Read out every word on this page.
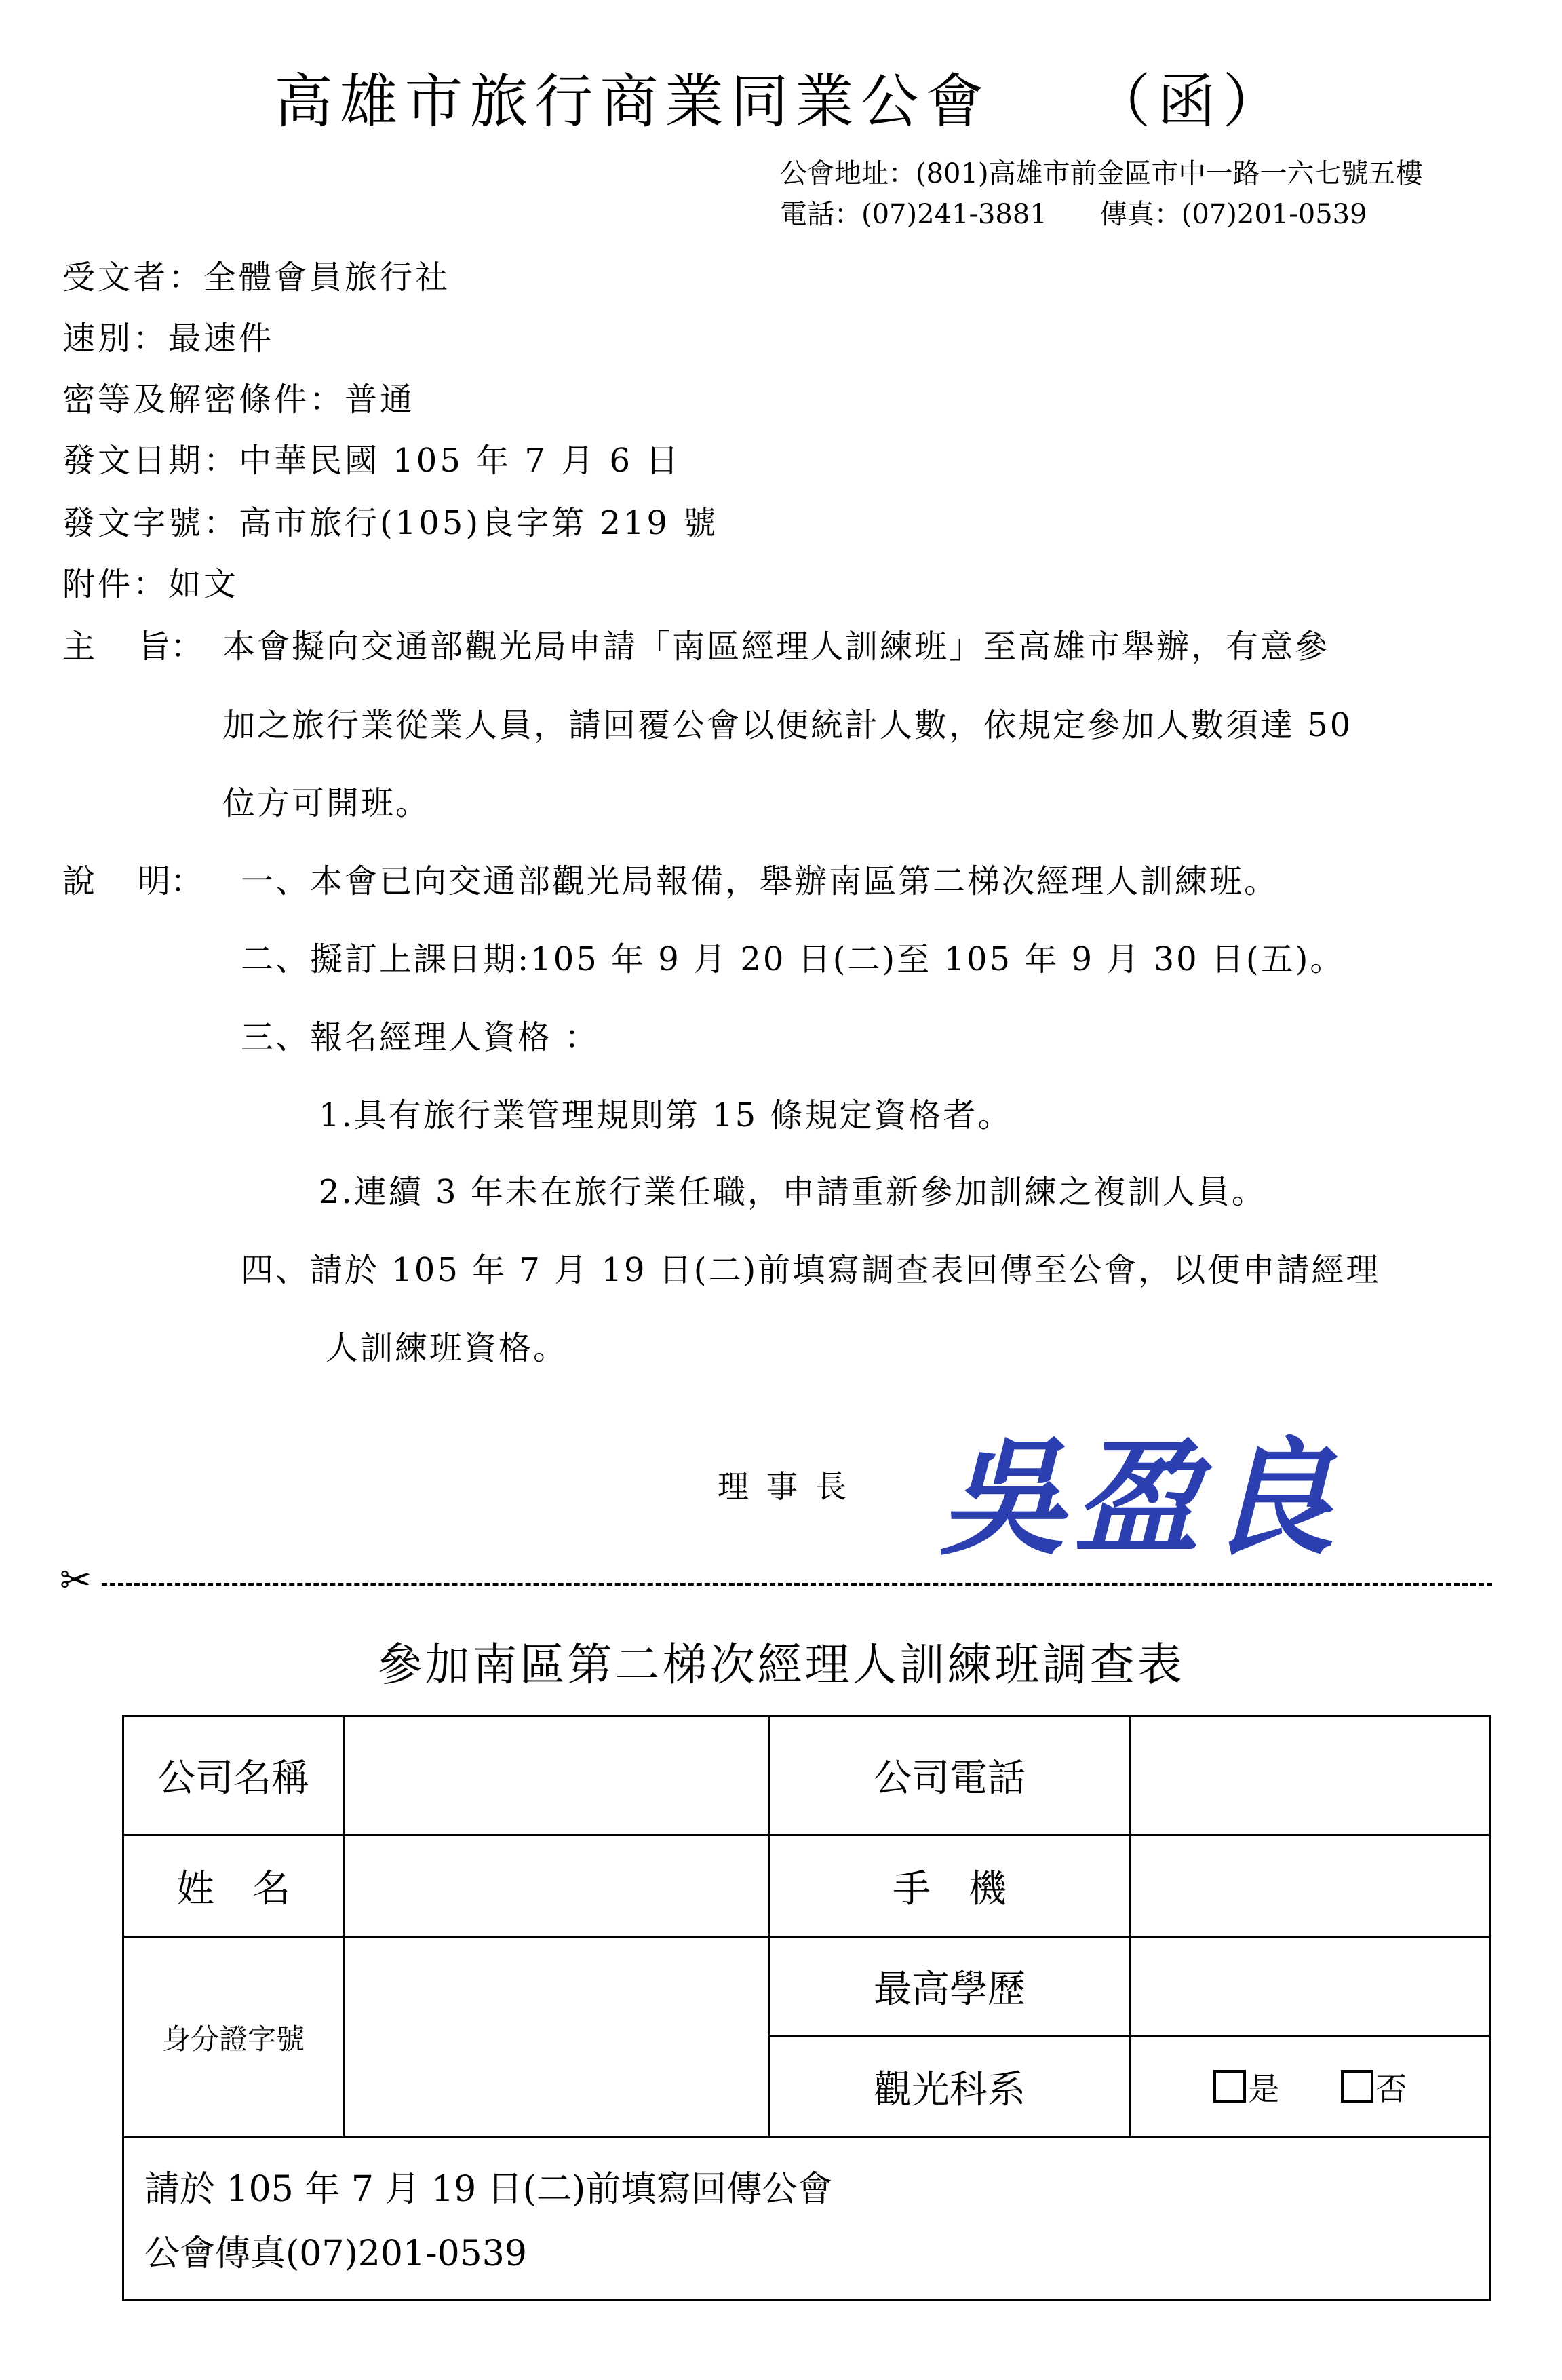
高雄市旅行商業同業公會 （函）
公會地址：(801)高雄市前金區市中一路一六七號五樓
電話：(07)241-3881 傳真：(07)201-0539
受文者：全體會員旅行社
速別：最速件
密等及解密條件：普通
發文日期：中華民國 105 年 7 月 6 日
發文字號：高市旅行(105)良字第 219 號
附件：如文
主　 旨： 本會擬向交通部觀光局申請「南區經理人訓練班」至高雄市舉辦，有意參
加之旅行業從業人員，請回覆公會以便統計人數，依規定參加人數須達 50
位方可開班。
說　 明： 一、本會已向交通部觀光局報備，舉辦南區第二梯次經理人訓練班。
二、擬訂上課日期:105 年 9 月 20 日(二)至 105 年 9 月 30 日(五)。
三、報名經理人資格 ：
1.具有旅行業管理規則第 15 條規定資格者。
2.連續 3 年未在旅行業任職，申請重新參加訓練之複訓人員。
四、請於 105 年 7 月 19 日(二)前填寫調查表回傳至公會，以便申請經理
人訓練班資格。
理事長 吳盈良
✂
參加南區第二梯次經理人訓練班調查表
公司名稱		公司電話	
姓　名		手　機	
身分證字號		最高學歷	
		觀光科系	是 否

請於 105 年 7 月 19 日(二)前填寫回傳公會
公會傳真(07)201-0539			
